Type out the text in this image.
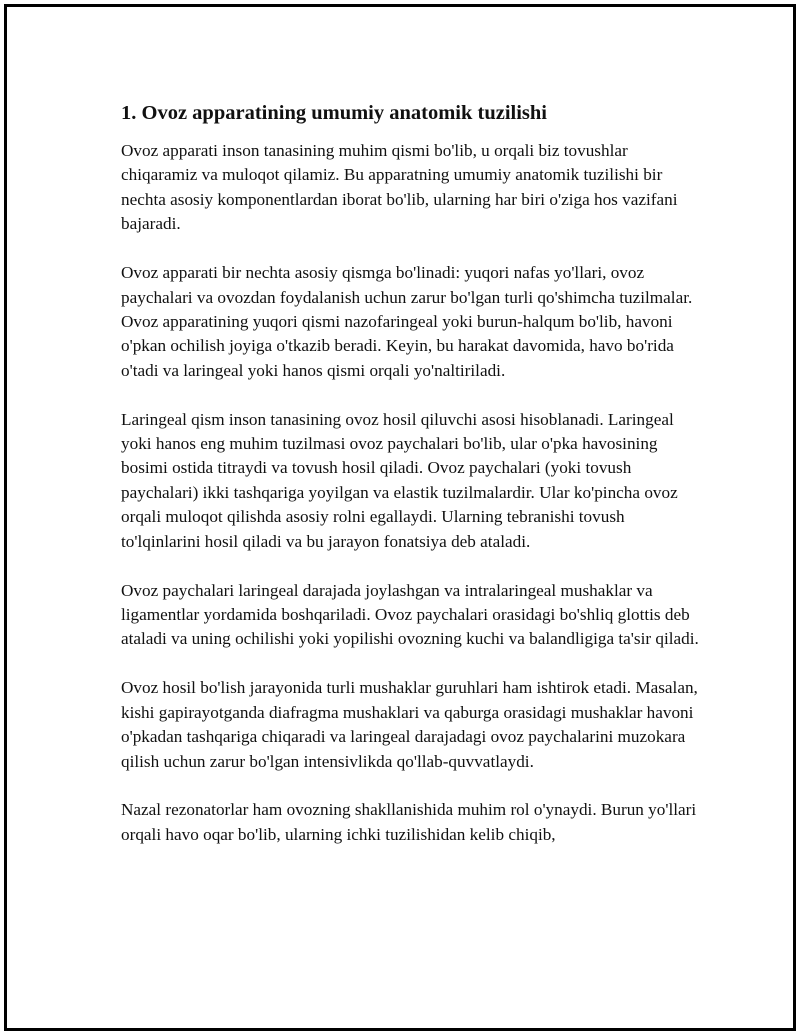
1. Ovoz apparatining umumiy anatomik tuzilishi

Ovoz apparati inson tanasining muhim qismi bo'lib, u orqali biz tovushlar chiqaramiz va muloqot qilamiz. Bu apparatning umumiy anatomik tuzilishi bir nechta asosiy komponentlardan iborat bo'lib, ularning har biri o'ziga hos vazifani bajaradi.

Ovoz apparati bir nechta asosiy qismga bo'linadi: yuqori nafas yo'llari, ovoz paychalari va ovozdan foydalanish uchun zarur bo'lgan turli qo'shimcha tuzilmalar. Ovoz apparatining yuqori qismi nazofaringeal yoki burun-halqum bo'lib, havoni o'pkan ochilish joyiga o'tkazib beradi. Keyin, bu harakat davomida, havo bo'rida o'tadi va laringeal yoki hanos qismi orqali yo'naltiriladi.

Laringeal qism inson tanasining ovoz hosil qiluvchi asosi hisoblanadi. Laringeal yoki hanos eng muhim tuzilmasi ovoz paychalari bo'lib, ular o'pka havosining bosimi ostida titraydi va tovush hosil qiladi. Ovoz paychalari (yoki tovush paychalari) ikki tashqariga yoyilgan va elastik tuzilmalardir. Ular ko'pincha ovoz orqali muloqot qilishda asosiy rolni egallaydi. Ularning tebranishi tovush to'lqinlarini hosil qiladi va bu jarayon fonatsiya deb ataladi.

Ovoz paychalari laringeal darajada joylashgan va intralaringeal mushaklar va ligamentlar yordamida boshqariladi. Ovoz paychalari orasidagi bo'shliq glottis deb ataladi va uning ochilishi yoki yopilishi ovozning kuchi va balandligiga ta'sir qiladi.

Ovoz hosil bo'lish jarayonida turli mushaklar guruhlari ham ishtirok etadi. Masalan, kishi gapirayotganda diafragma mushaklari va qaburga orasidagi mushaklar havoni o'pkadan tashqariga chiqaradi va laringeal darajadagi ovoz paychalarini muzokara qilish uchun zarur bo'lgan intensivlikda qo'llab-quvvatlaydi.

Nazal rezonatorlar ham ovozning shakllanishida muhim rol o'ynaydi. Burun yo'llari orqali havo oqar bo'lib, ularning ichki tuzilishidan kelib chiqib,
